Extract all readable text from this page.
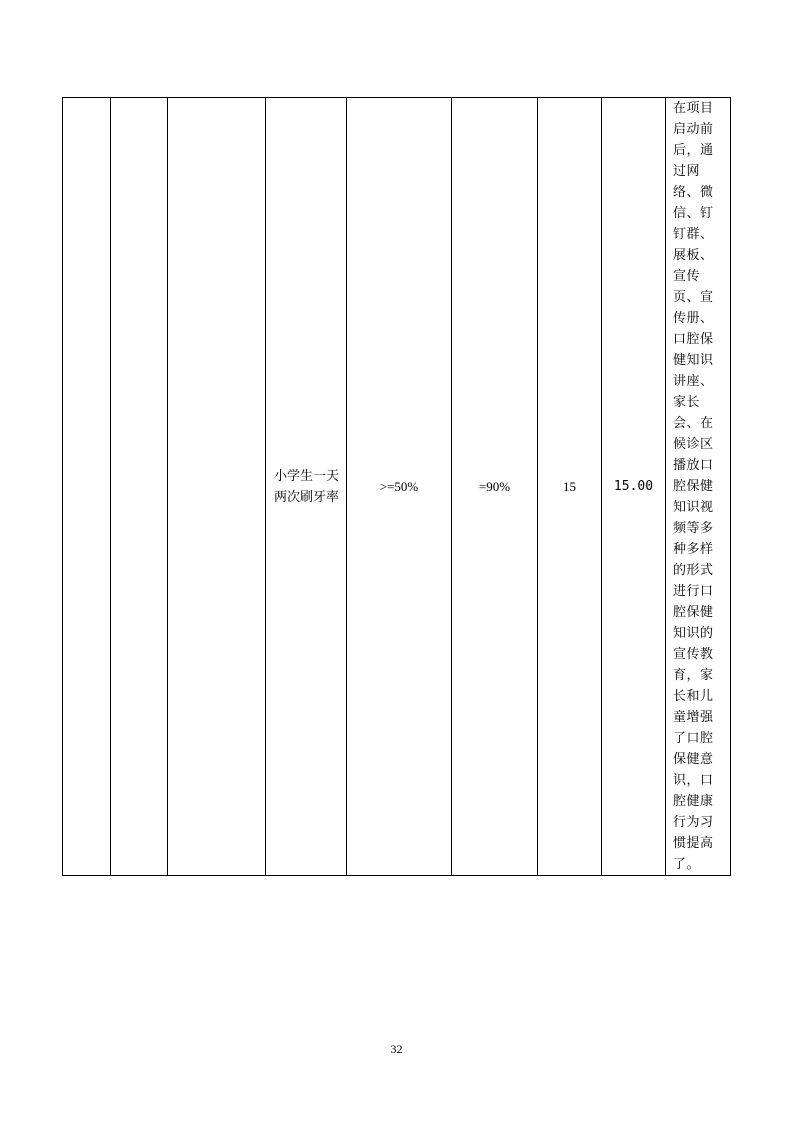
			小学生一天两次刷牙率	>=50%	=90%	15	15.00	在项目启动前后，通过网络、微信、钉钉群、展板、宣传页、宣传册、口腔保健知识讲座、家长会、在候诊区播放口腔保健知识视频等多种多样的形式进行口腔保健知识的宣传教育，家长和儿童增强了口腔保健意识，口腔健康行为习惯提高了。
32
